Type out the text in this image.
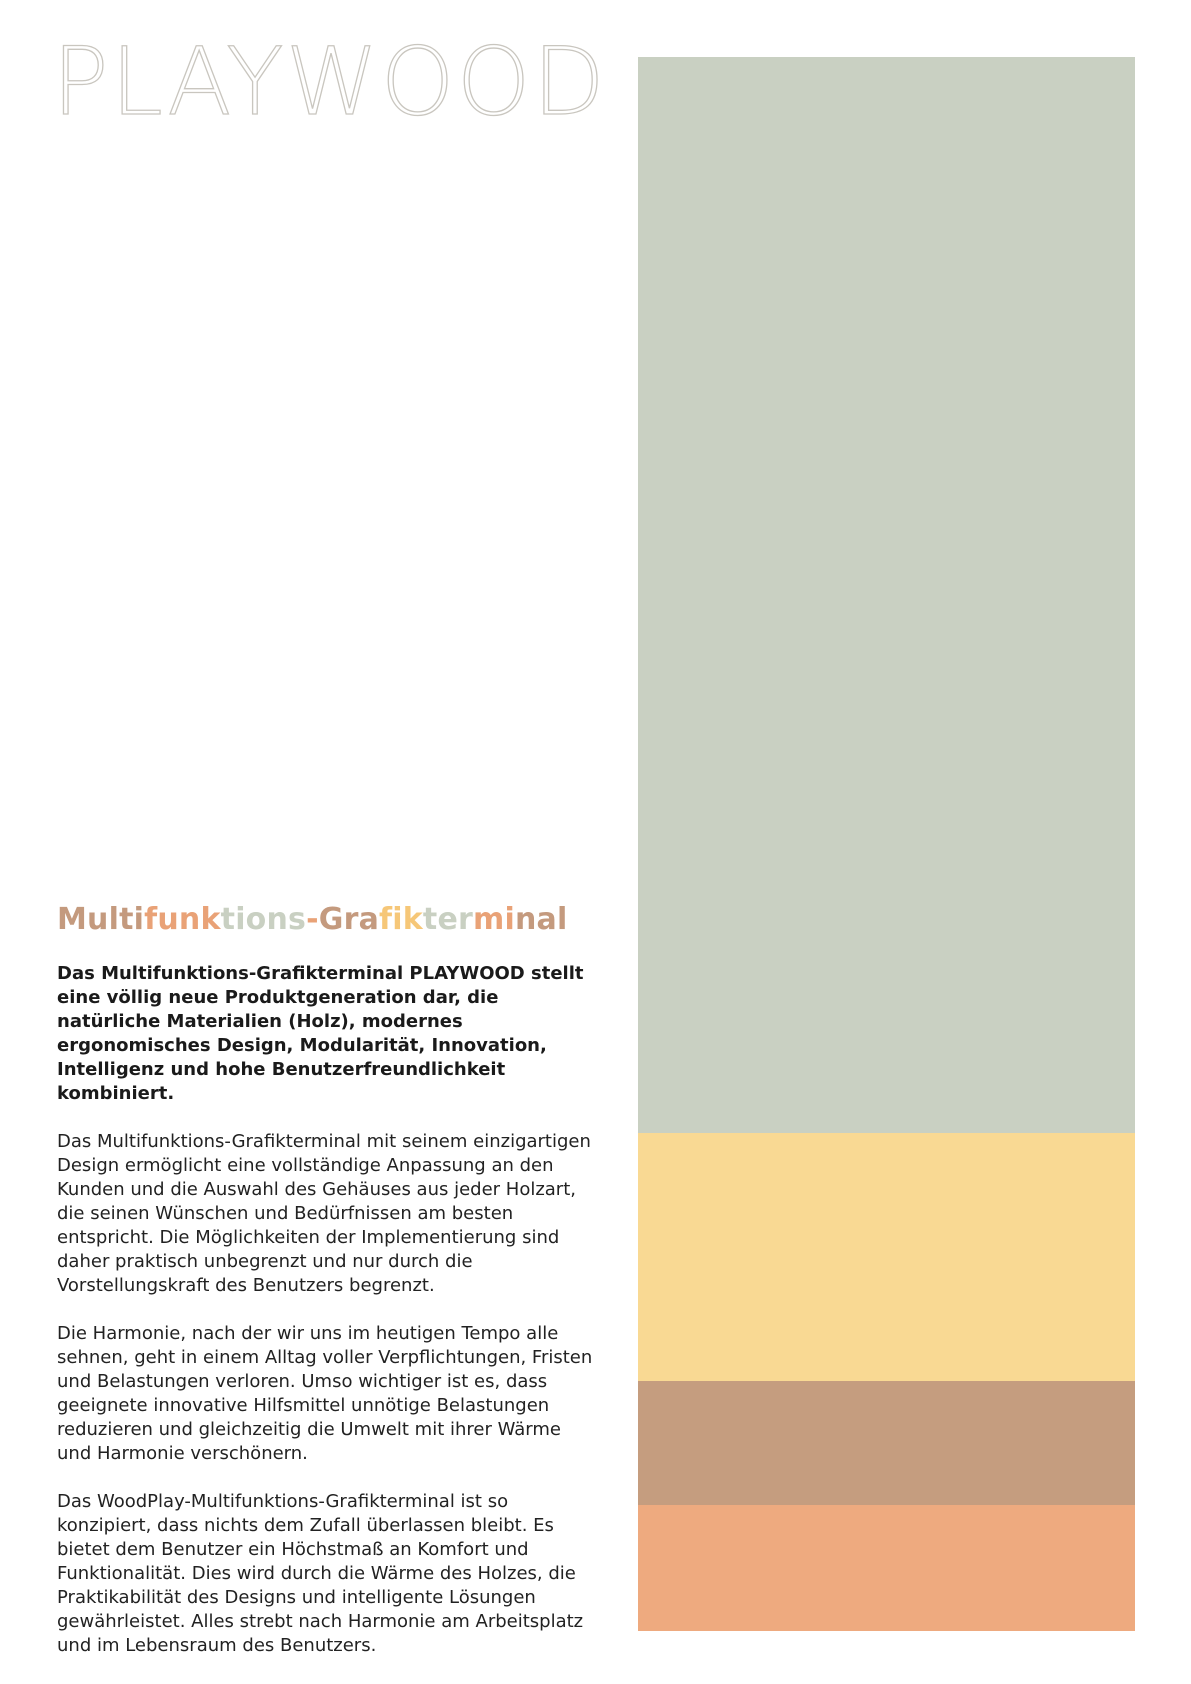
PLAYWOOD
Multifunktions-Grafikterminal

Das Multifunktions-Grafikterminal PLAYWOOD stellt eine völlig neue Produktgeneration dar, die natürliche Materialien (Holz), modernes ergonomisches Design, Modularität, Innovation, Intelligenz und hohe Benutzerfreundlichkeit kombiniert.

Das Multifunktions-Grafikterminal mit seinem einzigartigen Design ermöglicht eine vollständige Anpassung an den Kunden und die Auswahl des Gehäuses aus jeder Holzart, die seinen Wünschen und Bedürfnissen am besten entspricht. Die Möglichkeiten der Implementierung sind daher praktisch unbegrenzt und nur durch die Vorstellungskraft des Benutzers begrenzt.

Die Harmonie, nach der wir uns im heutigen Tempo alle sehnen, geht in einem Alltag voller Verpflichtungen, Fristen und Belastungen verloren. Umso wichtiger ist es, dass geeignete innovative Hilfsmittel unnötige Belastungen reduzieren und gleichzeitig die Umwelt mit ihrer Wärme und Harmonie verschönern.

Das WoodPlay-Multifunktions-Grafikterminal ist so konzipiert, dass nichts dem Zufall überlassen bleibt. Es bietet dem Benutzer ein Höchstmaß an Komfort und Funktionalität. Dies wird durch die Wärme des Holzes, die Praktikabilität des Designs und intelligente Lösungen gewährleistet. Alles strebt nach Harmonie am Arbeitsplatz und im Lebensraum des Benutzers.
